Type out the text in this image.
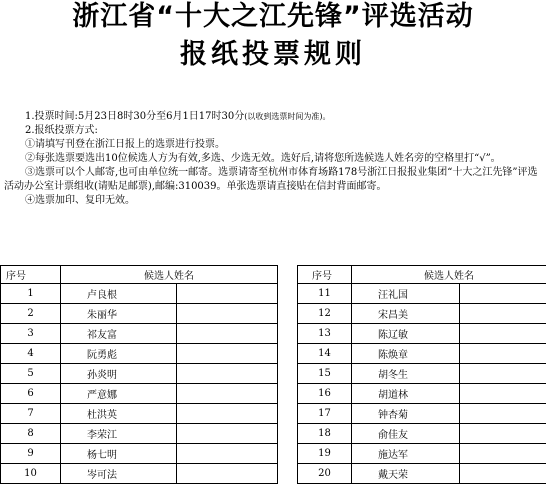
浙江省“十大之江先锋”评选活动
报纸投票规则

1.投票时间:5月23日8时30分至6月1日17时30分(以收到选票时间为准)。

2.报纸投票方式:

①请填写刊登在浙江日报上的选票进行投票。

②每张选票要选出10位候选人方为有效,多选、少选无效。选好后,请将您所选候选人姓名旁的空格里打“√”。

③选票可以个人邮寄,也可由单位统一邮寄。选票请寄至杭州市体育场路178号浙江日报报业集团“十大之江先锋”评选活动办公室计票组收(请贴足邮票),邮编:310039。单张选票请直接贴在信封背面邮寄。

④选票加印、复印无效。

序号	候选人姓名	
1	卢良根	
2	朱丽华	
3	祁友富	
4	阮勇彪	
5	孙炎明	
6	严意娜	
7	杜洪英	
8	李荣江	
9	杨七明	
10	岑可法	
序号	候选人姓名	
11	汪礼国	
12	宋昌美	
13	陈辽敏	
14	陈焕章	
15	胡冬生	
16	胡道林	
17	钟杏菊	
18	俞佳友	
19	施达军	
20	戴天荣	
